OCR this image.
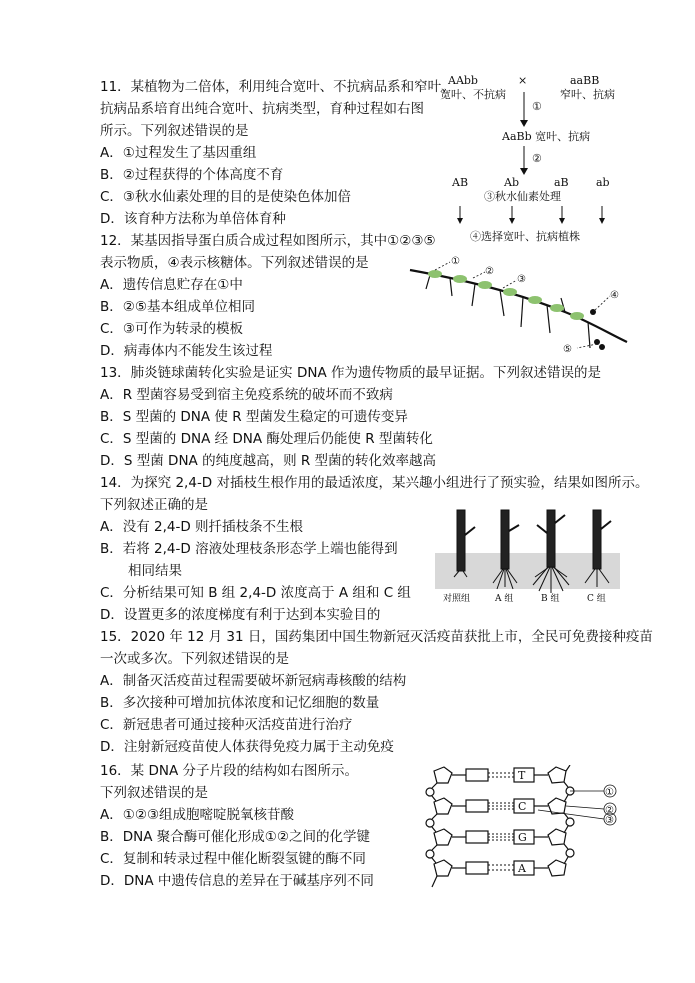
11．某植物为二倍体，利用纯合宽叶、不抗病品系和窄叶、
抗病品系培育出纯合宽叶、抗病类型，育种过程如右图
所示。下列叙述错误的是
A．①过程发生了基因重组
B．②过程获得的个体高度不育
C．③秋水仙素处理的目的是使染色体加倍
D．该育种方法称为单倍体育种
AAbb
宽叶、不抗病
×	aaBB
窄叶、抗病
①
AaBb 宽叶、抗病
②
AB	Ab	aB ab
③秋水仙素处理
④选择宽叶、抗病植株
12．某基因指导蛋白质合成过程如图所示，其中①②③⑤
表示物质，④表示核糖体。下列叙述错误的是
A．遗传信息贮存在①中
B．②⑤基本组成单位相同
C．③可作为转录的模板
D．病毒体内不能发生该过程
①
②
③
④
⑤
13．肺炎链球菌转化实验是证实 DNA 作为遗传物质的最早证据。下列叙述错误的是
A．R 型菌容易受到宿主免疫系统的破坏而不致病
B．S 型菌的 DNA 使 R 型菌发生稳定的可遗传变异
C．S 型菌的 DNA 经 DNA 酶处理后仍能使 R 型菌转化
D．S 型菌 DNA 的纯度越高，则 R 型菌的转化效率越高
14．为探究 2,4-D 对插枝生根作用的最适浓度，某兴趣小组进行了预实验，结果如图所示。
下列叙述正确的是
A．没有 2,4-D 则扦插枝条不生根
B．若将 2,4-D 溶液处理枝条形态学上端也能得到
相同结果
C．分析结果可知 B 组 2,4-D 浓度高于 A 组和 C 组
D．设置更多的浓度梯度有利于达到本实验目的
对照组	A 组	B 组	C 组
15．2020 年 12 月 31 日，国药集团中国生物新冠灭活疫苗获批上市，全民可免费接种疫苗
一次或多次。下列叙述错误的是
A．制备灭活疫苗过程需要破坏新冠病毒核酸的结构
B．多次接种可增加抗体浓度和记忆细胞的数量
C．新冠患者可通过接种灭活疫苗进行治疗
D．注射新冠疫苗使人体获得免疫力属于主动免疫
16．某 DNA 分子片段的结构如右图所示。
下列叙述错误的是
A．①②③组成胞嘧啶脱氧核苷酸
B．DNA 聚合酶可催化形成①②之间的化学键
C．复制和转录过程中催化断裂氢键的酶不同
D．DNA 中遗传信息的差异在于碱基序列不同
T
C
G
A
①
②
③
